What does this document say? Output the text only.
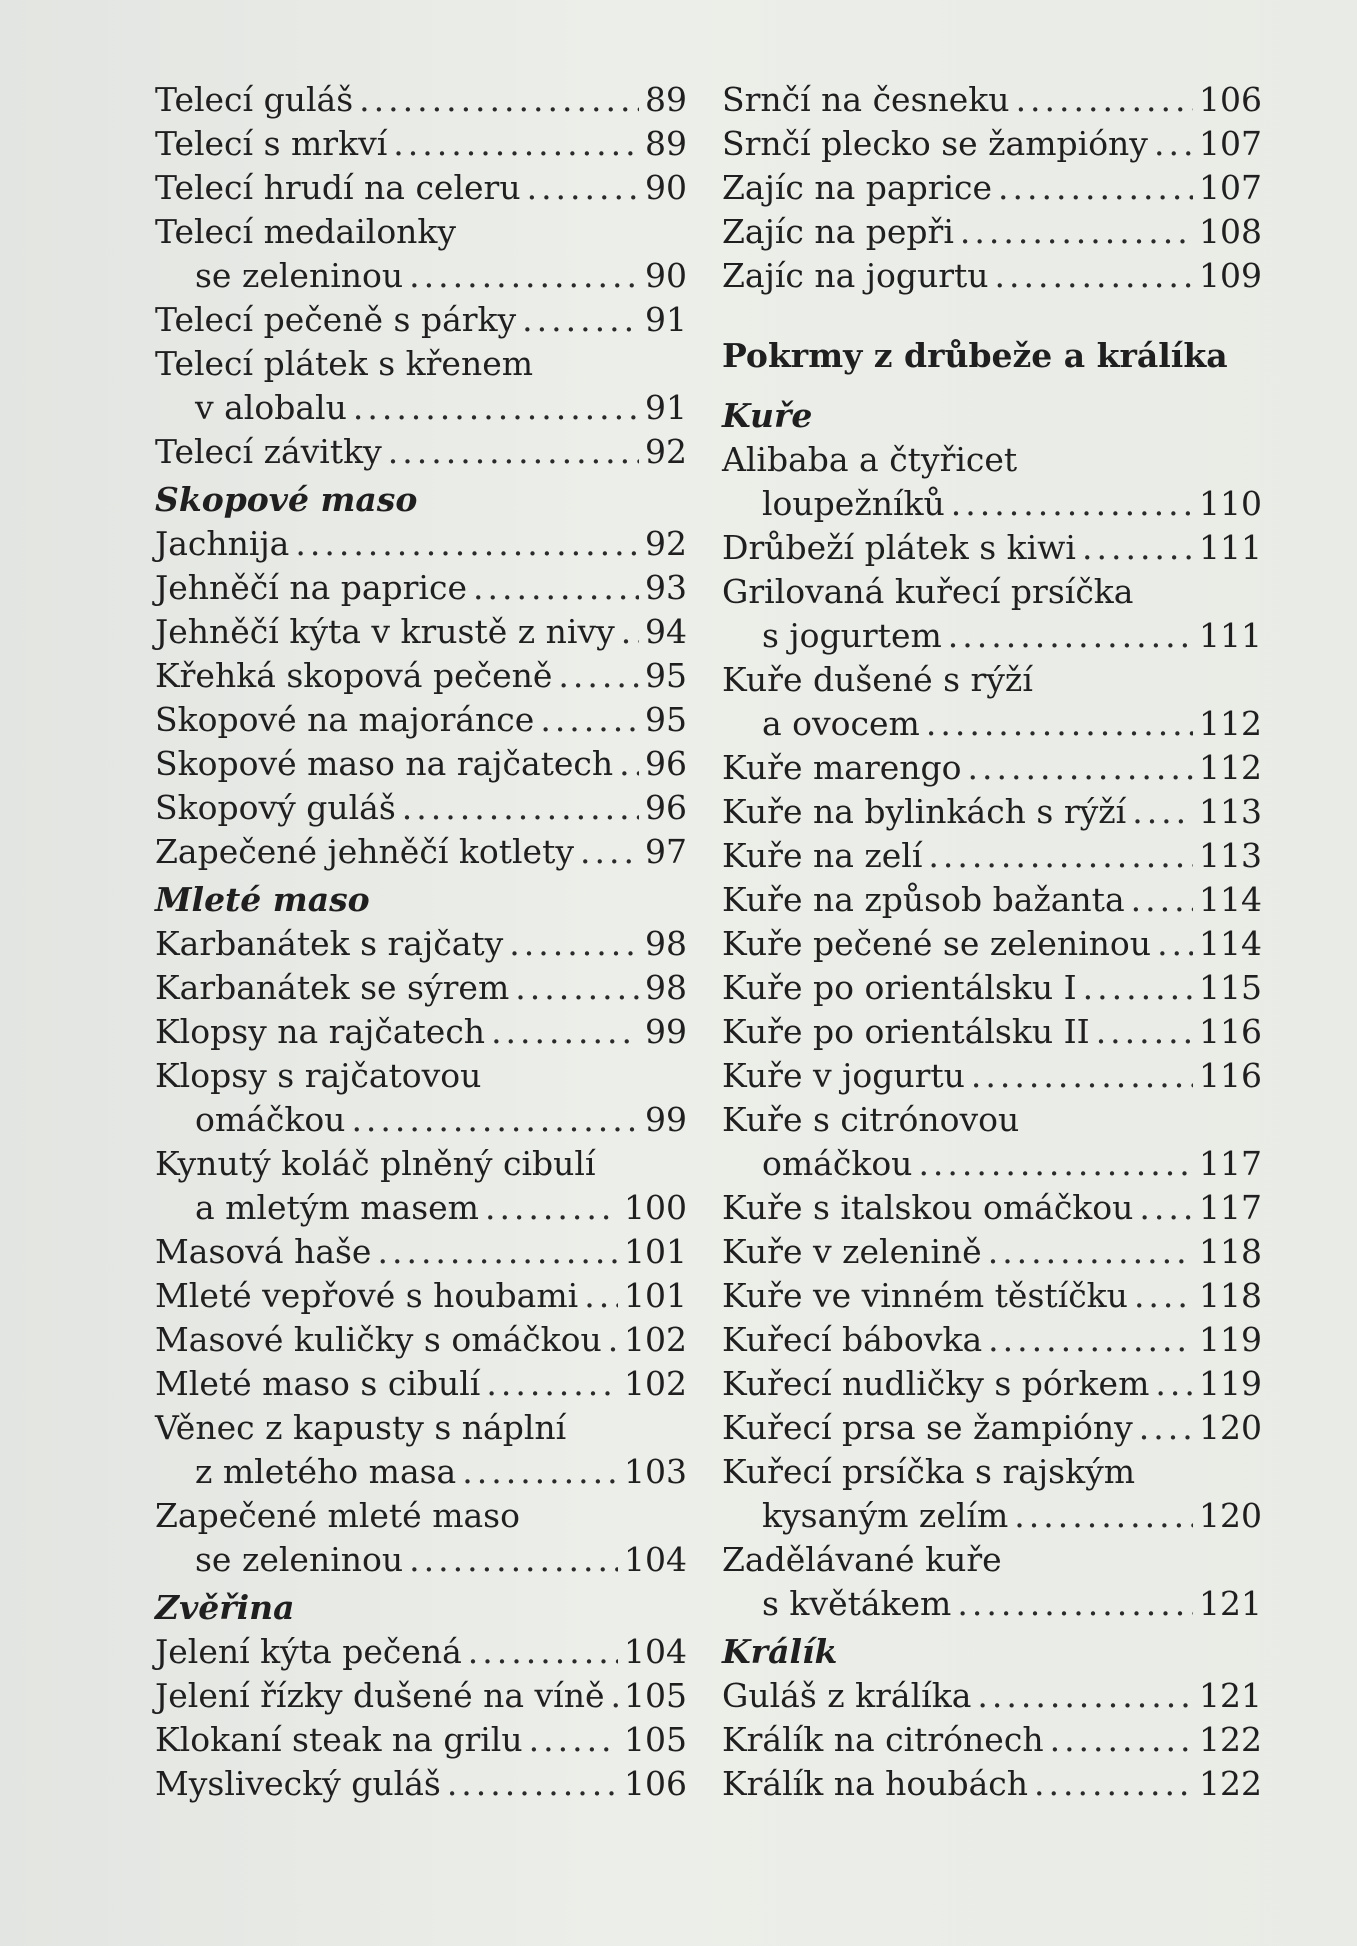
Telecí guláš .....	89
Telecí s mrkví .....	89
Telecí hrudí na celeru .....	90
Telecí medailonky
se zeleninou .....	90
Telecí pečeně s párky .....	91
Telecí plátek s křenem
v alobalu .....	91
Telecí závitky .....	92
Skopové maso
Jachnija .....	92
Jehněčí na paprice .....	93
Jehněčí kýta v krustě z nivy ..... 94
Křehká skopová pečeně .....	95
Skopové na majoránce .....	95
Skopové maso na rajčatech ..... 96
Skopový guláš .....	96
Zapečené jehněčí kotlety ..... 97
Mleté maso
Karbanátek s rajčaty .....	98
Karbanátek se sýrem .....	98
Klopsy na rajčatech .....	99
Klopsy s rajčatovou
omáčkou .....	99
Kynutý koláč plněný cibulí
a mletým masem .....	100
Masová haše .....	101
Mleté vepřové s houbami ..... 101
Masové kuličky s omáčkou ..... 102
Mleté maso s cibulí .....	102
Věnec z kapusty s náplní
z mletého masa .....	103
Zapečené mleté maso
se zeleninou .....	104
Zvěřina
Jelení kýta pečená .....	104
Jelení řízky dušené na víně ..... 105
Klokaní steak na grilu .....	105
Myslivecký guláš .....	106
Srnčí na česneku .....	106
Srnčí plecko se žampióny ..... 107
Zajíc na paprice .....	107
Zajíc na pepři .....	108
Zajíc na jogurtu .....	109
Pokrmy z drůbeže a králíka
Kuře
Alibaba a čtyřicet
loupežníků .....	110
Drůbeží plátek s kiwi .....	111
Grilovaná kuřecí prsíčka
s jogurtem .....	111
Kuře dušené s rýží
a ovocem .....	112
Kuře marengo .....	112
Kuře na bylinkách s rýží ..... 113
Kuře na zelí .....	113
Kuře na způsob bažanta ..... 114
Kuře pečené se zeleninou ..... 114
Kuře po orientálsku I .....	115
Kuře po orientálsku II .....	116
Kuře v jogurtu .....	116
Kuře s citrónovou
omáčkou .....	117
Kuře s italskou omáčkou ..... 117
Kuře v zelenině .....	118
Kuře ve vinném těstíčku ..... 118
Kuřecí bábovka .....	119
Kuřecí nudličky s pórkem ..... 119
Kuřecí prsa se žampióny ..... 120
Kuřecí prsíčka s rajským
kysaným zelím .....	120
Zadělávané kuře
s květákem .....	121
Králík
Guláš z králíka .....	121
Králík na citrónech .....	122
Králík na houbách .....	122
